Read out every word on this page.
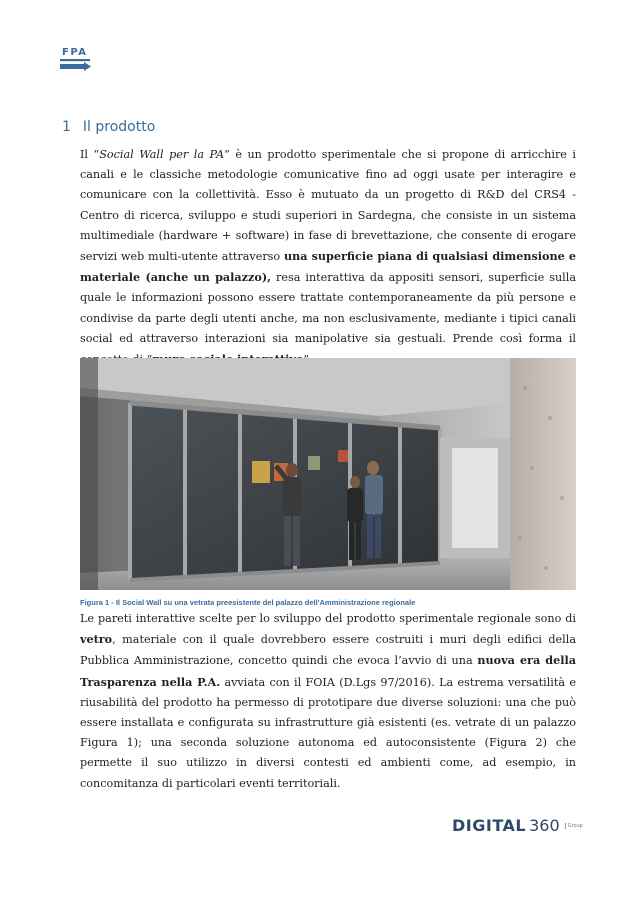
FPA
1 Il prodotto

Il “Social Wall per la PA” è un prodotto sperimentale che si propone di arricchire i canali e le classiche metodologie comunicative fino ad oggi usate per interagire e comunicare con la collettività. Esso è mutuato da un progetto di R&D del CRS4 - Centro di ricerca, sviluppo e studi superiori in Sardegna, che consiste in un sistema multimediale (hardware + software) in fase di brevettazione, che consente di erogare servizi web multi-utente attraverso una superficie piana di qualsiasi dimensione e materiale (anche un palazzo), resa interattiva da appositi sensori, superficie sulla quale le informazioni possono essere trattate contemporaneamente da più persone e condivise da parte degli utenti anche, ma non esclusivamente, mediante i tipici canali social ed attraverso interazioni sia manipolative sia gestuali. Prende così forma il

Figura 1 - Il Social Wall su una vetrata preesistente del palazzo dell'Amministrazione regionale

Le pareti interattive scelte per lo sviluppo del prodotto sperimentale regionale sono di vetro, materiale con il quale dovrebbero essere costruiti i muri degli edifici della Pubblica Amministrazione, concetto quindi che evoca l’avvio di una nuova era della Trasparenza nella P.A. avviata con il FOIA (D.Lgs 97/2016). La estrema versatilità e riusabilità del prodotto ha permesso di prototipare due diverse soluzioni: una che può essere installata e configurata su infrastrutture già esistenti (es. vetrate di un palazzo Figura 1); una seconda soluzione autonoma ed autoconsistente (Figura 2) che permette il suo utilizzo in diversi contesti ed ambienti come, ad esempio, in concomitanza di particolari eventi territoriali.

DIGITAL 360	Group
